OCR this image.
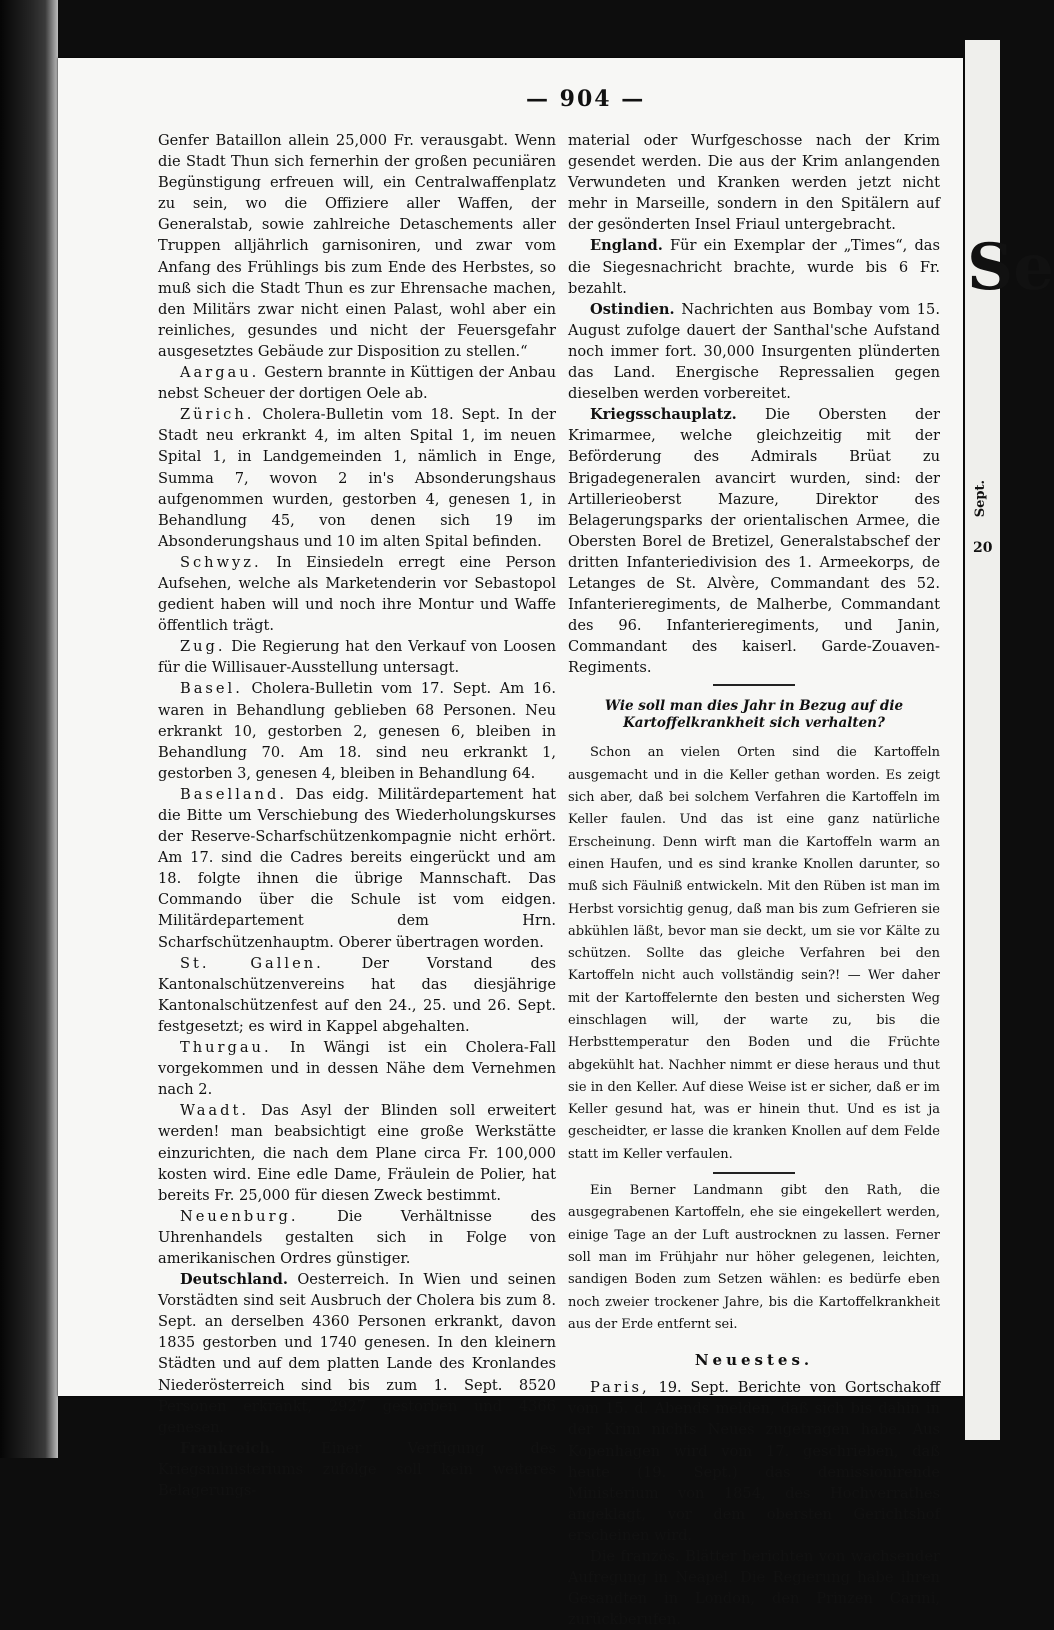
— 904 —

Genfer Bataillon allein 25,000 Fr. verausgabt. Wenn die Stadt Thun sich fernerhin der großen pecuniären Begünstigung erfreuen will, ein Centralwaffenplatz zu sein, wo die Offiziere aller Waffen, der Generalstab, sowie zahlreiche Detaschements aller Truppen alljährlich garnisoniren, und zwar vom Anfang des Frühlings bis zum Ende des Herbstes, so muß sich die Stadt Thun es zur Ehrensache machen, den Militärs zwar nicht einen Palast, wohl aber ein reinliches, gesundes und nicht der Feuersgefahr ausgesetztes Gebäude zur Disposition zu stellen.“

Aargau. Gestern brannte in Küttigen der Anbau nebst Scheuer der dortigen Oele ab.

Zürich. Cholera-Bulletin vom 18. Sept. In der Stadt neu erkrankt 4, im alten Spital 1, im neuen Spital 1, in Landgemeinden 1, nämlich in Enge, Summa 7, wovon 2 in's Absonderungshaus aufgenommen wurden, gestorben 4, genesen 1, in Behandlung 45, von denen sich 19 im Absonderungshaus und 10 im alten Spital befinden.

Schwyz. In Einsiedeln erregt eine Person Aufsehen, welche als Marketenderin vor Sebastopol gedient haben will und noch ihre Montur und Waffe öffentlich trägt.

Zug. Die Regierung hat den Verkauf von Loosen für die Willisauer-Ausstellung untersagt.

Basel. Cholera-Bulletin vom 17. Sept. Am 16. waren in Behandlung geblieben 68 Personen. Neu erkrankt 10, gestorben 2, genesen 6, bleiben in Behandlung 70. Am 18. sind neu erkrankt 1, gestorben 3, genesen 4, bleiben in Behandlung 64.

Baselland. Das eidg. Militärdepartement hat die Bitte um Verschiebung des Wiederholungskurses der Reserve-Scharfschützenkompagnie nicht erhört. Am 17. sind die Cadres bereits eingerückt und am 18. folgte ihnen die übrige Mannschaft. Das Commando über die Schule ist vom eidgen. Militärdepartement dem Hrn. Scharfschützenhauptm. Oberer übertragen worden.

St. Gallen. Der Vorstand des Kantonalschützenvereins hat das diesjährige Kantonalschützenfest auf den 24., 25. und 26. Sept. festgesetzt; es wird in Kappel abgehalten.

Thurgau. In Wängi ist ein Cholera-Fall vorgekommen und in dessen Nähe dem Vernehmen nach 2.

Waadt. Das Asyl der Blinden soll erweitert werden! man beabsichtigt eine große Werkstätte einzurichten, die nach dem Plane circa Fr. 100,000 kosten wird. Eine edle Dame, Fräulein de Polier, hat bereits Fr. 25,000 für diesen Zweck bestimmt.

Neuenburg. Die Verhältnisse des Uhrenhandels gestalten sich in Folge von amerikanischen Ordres günstiger.

Deutschland. Oesterreich. In Wien und seinen Vorstädten sind seit Ausbruch der Cholera bis zum 8. Sept. an derselben 4360 Personen erkrankt, davon 1835 gestorben und 1740 genesen. In den kleinern Städten und auf dem platten Lande des Kronlandes Niederösterreich sind bis zum 1. Sept. 8520 Personen erkrankt, 2927 gestorben und 4366 genesen.

Frankreich. Einer Verfügung des Kriegsministeriums zufolge soll kein weiteres Belagerungs-

material oder Wurfgeschosse nach der Krim gesendet werden. Die aus der Krim anlangenden Verwundeten und Kranken werden jetzt nicht mehr in Marseille, sondern in den Spitälern auf der gesönderten Insel Friaul untergebracht.

England. Für ein Exemplar der „Times“, das die Siegesnachricht brachte, wurde bis 6 Fr. bezahlt.

Ostindien. Nachrichten aus Bombay vom 15. August zufolge dauert der Santhal'sche Aufstand noch immer fort. 30,000 Insurgenten plünderten das Land. Energische Repressalien gegen dieselben werden vorbereitet.

Kriegsschauplatz. Die Obersten der Krimarmee, welche gleichzeitig mit der Beförderung des Admirals Brüat zu Brigadegeneralen avancirt wurden, sind: der Artillerieoberst Mazure, Direktor des Belagerungsparks der orientalischen Armee, die Obersten Borel de Bretizel, Generalstabschef der dritten Infanteriedivision des 1. Armeekorps, de Letanges de St. Alvère, Commandant des 52. Infanterieregiments, de Malherbe, Commandant des 96. Infanterieregiments, und Janin, Commandant des kaiserl. Garde-Zouaven-Regiments.

Wie soll man dies Jahr in Bezug auf die Kartoffelkrankheit sich verhalten?

Schon an vielen Orten sind die Kartoffeln ausgemacht und in die Keller gethan worden. Es zeigt sich aber, daß bei solchem Verfahren die Kartoffeln im Keller faulen. Und das ist eine ganz natürliche Erscheinung. Denn wirft man die Kartoffeln warm an einen Haufen, und es sind kranke Knollen darunter, so muß sich Fäulniß entwickeln. Mit den Rüben ist man im Herbst vorsichtig genug, daß man bis zum Gefrieren sie abkühlen läßt, bevor man sie deckt, um sie vor Kälte zu schützen. Sollte das gleiche Verfahren bei den Kartoffeln nicht auch vollständig sein?! — Wer daher mit der Kartoffelernte den besten und sichersten Weg einschlagen will, der warte zu, bis die Herbsttemperatur den Boden und die Früchte abgekühlt hat. Nachher nimmt er diese heraus und thut sie in den Keller. Auf diese Weise ist er sicher, daß er im Keller gesund hat, was er hinein thut. Und es ist ja gescheidter, er lasse die kranken Knollen auf dem Felde statt im Keller verfaulen.

Ein Berner Landmann gibt den Rath, die ausgegrabenen Kartoffeln, ehe sie eingekellert werden, einige Tage an der Luft austrocknen zu lassen. Ferner soll man im Frühjahr nur höher gelegenen, leichten, sandigen Boden zum Setzen wählen: es bedürfe eben noch zweier trockener Jahre, bis die Kartoffelkrankheit aus der Erde entfernt sei.

Neuestes.

Paris, 19. Sept. Berichte von Gortschakoff vom 15. d. Abends melden, daß sich bis dahin in der Krim nichts Neues zugetragen habe. Aus Kopenhagen wird vom 17. geschrieben, daß heute (19. Sept.) das demissionirende Ministerium von 1854, des Hochverrathes angeklagt, vor dem obersten Gerichtshof erscheinen wird.

Die französ. Blätter berichten von wachsender Aufregung in Neapel. Die Regierung habe ihren Gesandten in London, den Prinzen Carini, zurückberufen.

Se
Sept.
20
